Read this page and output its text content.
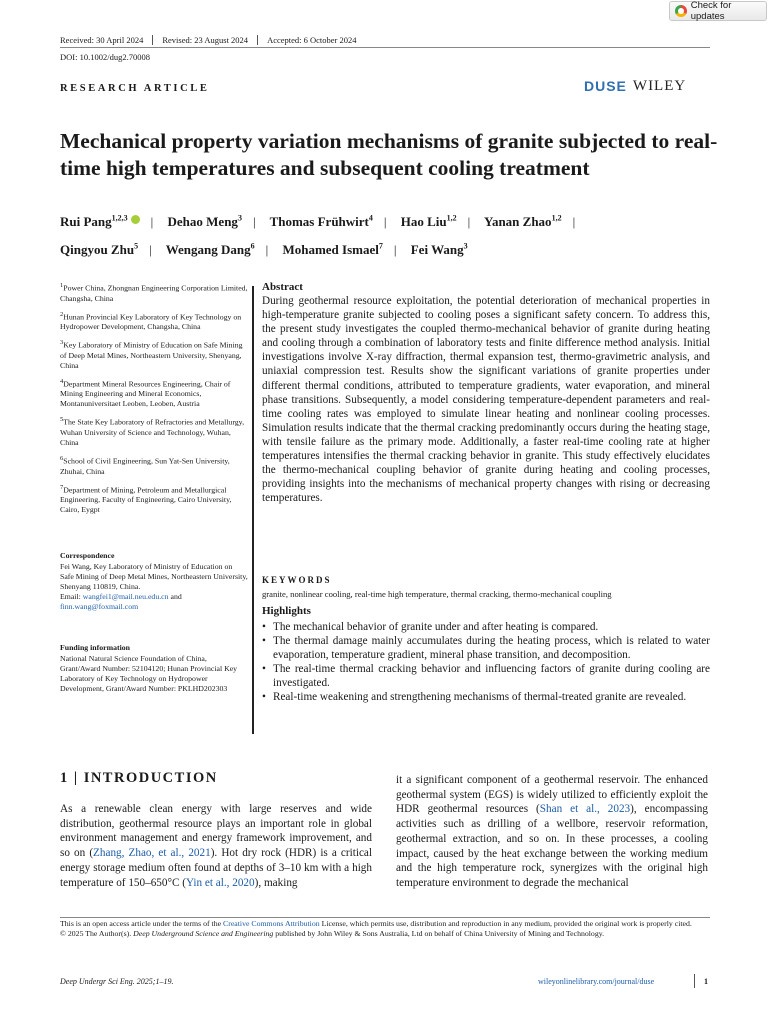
Check for updates
Received: 30 April 2024	Revised: 23 August 2024	Accepted: 6 October 2024
DOI: 10.1002/dug2.70008
RESEARCH ARTICLE	DUSE WILEY
Mechanical property variation mechanisms of granite subjected to real-time high temperatures and subsequent cooling treatment
Rui Pang$^{1,2,3}$ | Dehao Meng$^3$ | Thomas Frühwirt$^4$ | Hao Liu$^{1,2}$ | Yanan Zhao$^{1,2}$ |
Qingyou Zhu$^5$ | Wengang Dang$^6$ | Mohamed Ismael$^7$ | Fei Wang$^3$

$^1$Power China, Zhongnan Engineering Corporation Limited, Changsha, China

$^2$Hunan Provincial Key Laboratory of Key Technology on Hydropower Development, Changsha, China

$^3$Key Laboratory of Ministry of Education on Safe Mining of Deep Metal Mines, Northeastern University, Shenyang, China

$^4$Department Mineral Resources Engineering, Chair of Mining Engineering and Mineral Economics, Montanuniversitaet Leoben, Leoben, Austria

$^5$The State Key Laboratory of Refractories and Metallurgy, Wuhan University of Science and Technology, Wuhan, China

$^6$School of Civil Engineering, Sun Yat-Sen University, Zhuhai, China

$^7$Department of Mining, Petroleum and Metallurgical Engineering, Faculty of Engineering, Cairo University, Cairo, Eygpt

Correspondence

Fei Wang, Key Laboratory of Ministry of Education on Safe Mining of Deep Metal Mines, Northeastern University, Shenyang 110819, China.

Email: wangfei1@mail.neu.edu.cn and
finn.wang@foxmail.com

Funding information

National Natural Science Foundation of China, Grant/Award Number: 52104120; Hunan Provincial Key Laboratory of Key Technology on Hydropower Development, Grant/Award Number: PKLHD202303

Abstract

During geothermal resource exploitation, the potential deterioration of mechanical properties in high-temperature granite subjected to cooling poses a significant safety concern. To address this, the present study investigates the coupled thermo-mechanical behavior of granite during heating and cooling through a combination of laboratory tests and finite difference method analysis. Initial investigations involve X-ray diffraction, thermal expansion test, thermo-gravimetric analysis, and uniaxial compression test. Results show the significant variations of granite properties under different thermal conditions, attributed to temperature gradients, water evaporation, and mineral phase transitions. Subsequently, a model considering temperature-dependent parameters and real-time cooling rates was employed to simulate linear heating and nonlinear cooling processes. Simulation results indicate that the thermal cracking predominantly occurs during the heating stage, with tensile failure as the primary mode. Additionally, a faster real-time cooling rate at higher temperatures intensifies the thermal cracking behavior in granite. This study effectively elucidates the thermo-mechanical coupling behavior of granite during heating and cooling processes, providing insights into the mechanisms of mechanical property changes with rising or decreasing temperatures.

KEYWORDS
granite, nonlinear cooling, real-time high temperature, thermal cracking, thermo-mechanical coupling
Highlights
• The mechanical behavior of granite under and after heating is compared.
• The thermal damage mainly accumulates during the heating process, which is related to water evaporation, temperature gradient, mineral phase transition, and decomposition.
• The real-time thermal cracking behavior and influencing factors of granite during cooling are investigated.
• Real-time weakening and strengthening mechanisms of thermal-treated granite are revealed.
1 | INTRODUCTION

As a renewable clean energy with large reserves and wide distribution, geothermal resource plays an important role in global environment management and energy framework improvement, and so on (Zhang, Zhao, et al., 2021). Hot dry rock (HDR) is a critical energy storage medium often found at depths of 3–10 km with a high temperature of 150–650°C (Yin et al., 2020), making

it a significant component of a geothermal reservoir. The enhanced geothermal system (EGS) is widely utilized to efficiently exploit the HDR geothermal resources (Shan et al., 2023), encompassing activities such as drilling of a wellbore, reservoir reformation, geothermal extraction, and so on. In these processes, a cooling impact, caused by the heat exchange between the working medium and the high temperature rock, synergizes with the original high temperature environment to degrade the mechanical

This is an open access article under the terms of the Creative Commons Attribution License, which permits use, distribution and reproduction in any medium, provided the original work is properly cited.
© 2025 The Author(s). Deep Underground Science and Engineering published by John Wiley & Sons Australia, Ltd on behalf of China University of Mining and Technology.

Deep Undergr Sci Eng. 2025;1–19.	wileyonlinelibrary.com/journal/duse	1
